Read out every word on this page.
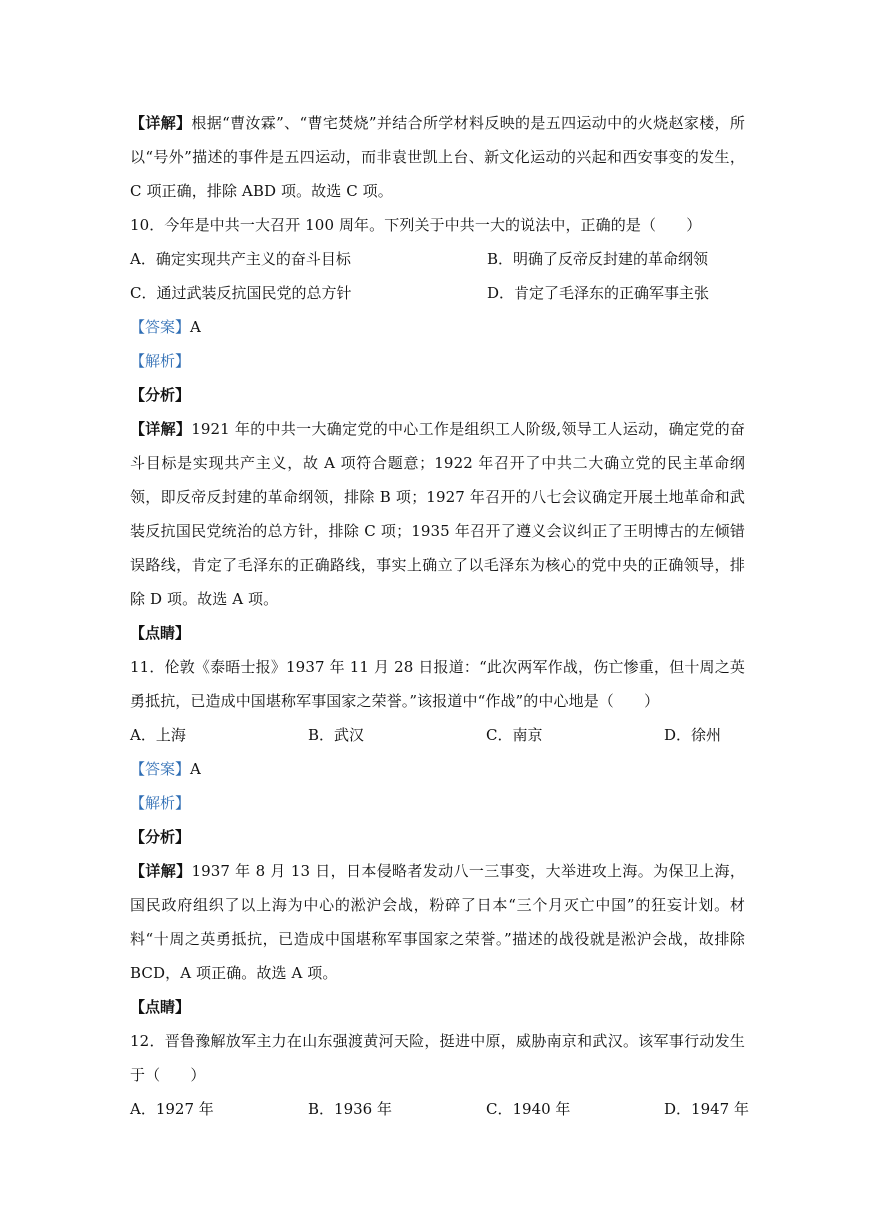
【详解】根据“曹汝霖”、“曹宅焚烧”并结合所学材料反映的是五四运动中的火烧赵家楼，所以“号外”描述的事件是五四运动，而非袁世凯上台、新文化运动的兴起和西安事变的发生，C 项正确，排除 ABD 项。故选 C 项。
10．今年是中共一大召开 100 周年。下列关于中共一大的说法中，正确的是（　　）
A．确定实现共产主义的奋斗目标	B．明确了反帝反封建的革命纲领
C．通过武装反抗国民党的总方针	D．肯定了毛泽东的正确军事主张
【答案】A
【解析】
【分析】
【详解】1921 年的中共一大确定党的中心工作是组织工人阶级,领导工人运动，确定党的奋斗目标是实现共产主义，故 A 项符合题意；1922 年召开了中共二大确立党的民主革命纲领，即反帝反封建的革命纲领，排除 B 项；1927 年召开的八七会议确定开展土地革命和武装反抗国民党统治的总方针，排除 C 项；1935 年召开了遵义会议纠正了王明博古的左倾错误路线，肯定了毛泽东的正确路线，事实上确立了以毛泽东为核心的党中央的正确领导，排除 D 项。故选 A 项。
【点睛】
11．伦敦《泰晤士报》1937 年 11 月 28 日报道：“此次两军作战，伤亡惨重，但十周之英勇抵抗，已造成中国堪称军事国家之荣誉。”该报道中“作战”的中心地是（　　）
A．上海	B．武汉	C．南京	D．徐州
【答案】A
【解析】
【分析】
【详解】1937 年 8 月 13 日，日本侵略者发动八一三事变，大举进攻上海。为保卫上海，国民政府组织了以上海为中心的淞沪会战，粉碎了日本“三个月灭亡中国”的狂妄计划。材料“十周之英勇抵抗，已造成中国堪称军事国家之荣誉。”描述的战役就是淞沪会战，故排除 BCD，A 项正确。故选 A 项。
【点睛】
12．晋鲁豫解放军主力在山东强渡黄河天险，挺进中原，威胁南京和武汉。该军事行动发生于（　　）
A．1927 年	B．1936 年	C．1940 年	D．1947 年
